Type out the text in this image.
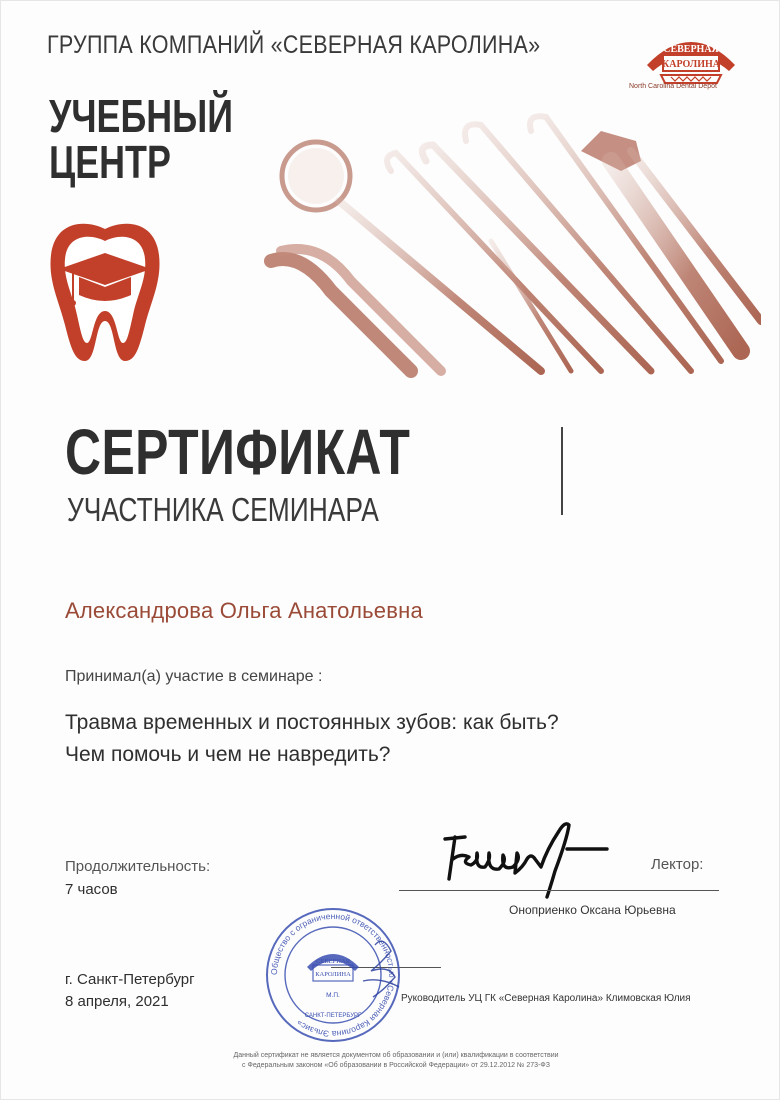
ГРУППА КОМПАНИЙ «СЕВЕРНАЯ КАРОЛИНА»	СЕВЕРНАЯ
КАРОЛИНА
North Carolina Dental Depot
УЧЕБНЫЙ
ЦЕНТР
СЕРТИФИКАТ
УЧАСТНИКА СЕМИНАРА
Александрова Ольга Анатольевна
Принимал(а) участие в семинаре :
Травма временных и постоянных зубов: как быть?
Чем помочь и чем не навредить?
Продолжительность:
7 часов
Лектор:
Оноприенко Оксана Юрьевна
г. Санкт-Петербург
8 апреля, 2021
Общество с ограниченной ответственностью «Северная Каролина Эльзис»
СЕВЕРНАЯ
КАРОЛИНА
М.П.
САНКТ-ПЕТЕРБУРГ
Руководитель УЦ ГК «Северная Каролина» Климовская Юлия
Данный сертификат не является документом об образовании и (или) квалификации в соответствии
с Федеральным законом «Об образовании в Российской Федерации» от 29.12.2012 № 273-ФЗ
